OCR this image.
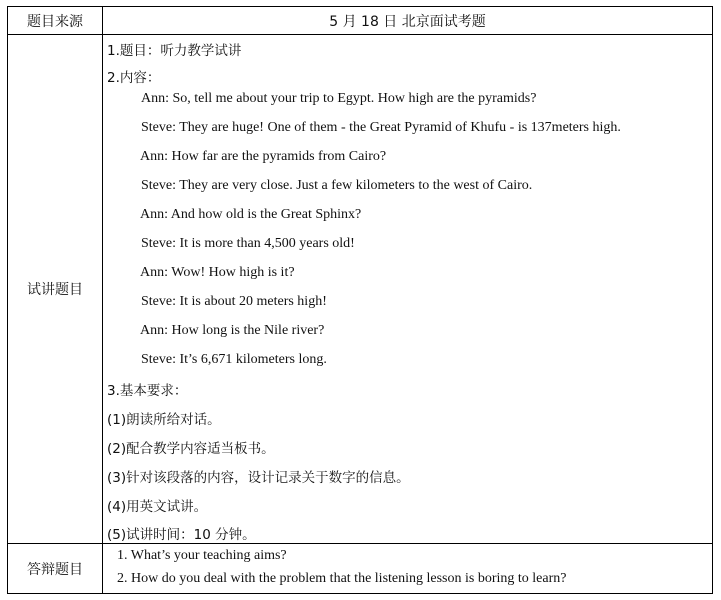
题目来源	5 月 18 日 北京面试考题
试讲题目
1.题目：听力教学试讲
2.内容：
Ann: So, tell me about your trip to Egypt. How high are the pyramids?
Steve: They are huge! One of them - the Great Pyramid of Khufu - is 137meters high.
Ann: How far are the pyramids from Cairo?
Steve: They are very close. Just a few kilometers to the west of Cairo.
Ann: And how old is the Great Sphinx?
Steve: It is more than 4,500 years old!
Ann: Wow! How high is it?
Steve: It is about 20 meters high!
Ann: How long is the Nile river?
Steve: It’s 6,671 kilometers long.
3.基本要求：
(1)朗读所给对话。
(2)配合教学内容适当板书。
(3)针对该段落的内容，设计记录关于数字的信息。
(4)用英文试讲。
(5)试讲时间：10 分钟。
答辩题目
1. What’s your teaching aims?
2. How do you deal with the problem that the listening lesson is boring to learn?
